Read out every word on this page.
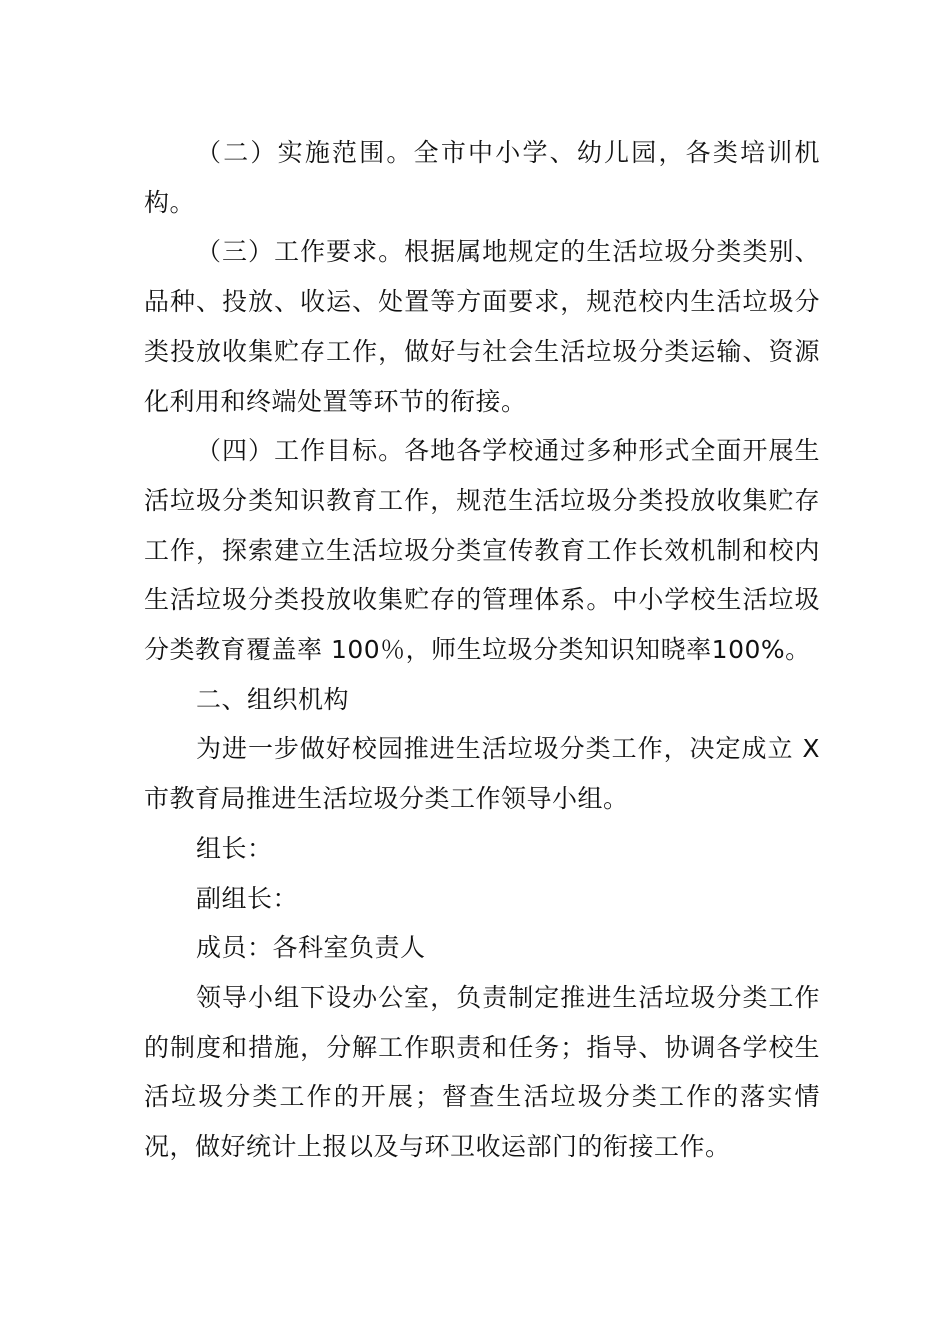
（二）实施范围。全市中小学、幼儿园，各类培训机构。

（三）工作要求。根据属地规定的生活垃圾分类类别、品种、投放、收运、处置等方面要求，规范校内生活垃圾分类投放收集贮存工作，做好与社会生活垃圾分类运输、资源化利用和终端处置等环节的衔接。

（四）工作目标。各地各学校通过多种形式全面开展生活垃圾分类知识教育工作，规范生活垃圾分类投放收集贮存工作，探索建立生活垃圾分类宣传教育工作长效机制和校内生活垃圾分类投放收集贮存的管理体系。中小学校生活垃圾分类教育覆盖率 100％，师生垃圾分类知识知晓率100%。

二、组织机构

为进一步做好校园推进生活垃圾分类工作，决定成立 X 市教育局推进生活垃圾分类工作领导小组。

组长：

副组长：

成员：各科室负责人

领导小组下设办公室，负责制定推进生活垃圾分类工作的制度和措施，分解工作职责和任务；指导、协调各学校生活垃圾分类工作的开展；督查生活垃圾分类工作的落实情况，做好统计上报以及与环卫收运部门的衔接工作。
